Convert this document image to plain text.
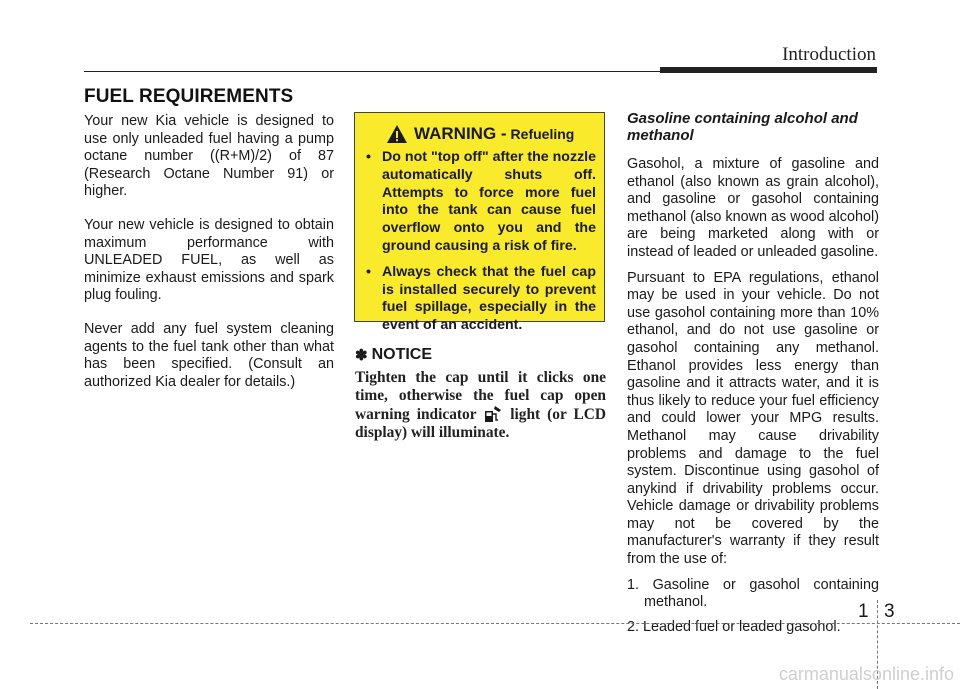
Introduction
FUEL REQUIREMENTS

Your new Kia vehicle is designed to use only unleaded fuel having a pump octane number ((R+M)/2) of 87 (Research Octane Number 91) or higher.

Your new vehicle is designed to obtain maximum performance with UNLEADED FUEL, as well as minimize exhaust emissions and spark plug fouling.

Never add any fuel system cleaning agents to the fuel tank other than what has been specified. (Consult an authorized Kia dealer for details.)

WARNING - Refueling
• Do not "top off" after the nozzle automatically shuts off. Attempts to force more fuel into the tank can cause fuel overflow onto you and the ground causing a risk of fire.
• Always check that the fuel cap is installed securely to prevent fuel spillage, especially in the event of an accident.
✽ NOTICE
Tighten the cap until it clicks one time, otherwise the fuel cap open warning indicator light (or LCD display) will illuminate.

Gasoline containing alcohol and methanol

Gasohol, a mixture of gasoline and ethanol (also known as grain alcohol), and gasoline or gasohol containing methanol (also known as wood alcohol) are being marketed along with or instead of leaded or unleaded gasoline.

Pursuant to EPA regulations, ethanol may be used in your vehicle. Do not use gasohol containing more than 10% ethanol, and do not use gasoline or gasohol containing any methanol. Ethanol provides less energy than gasoline and it attracts water, and it is thus likely to reduce your fuel efficiency and could lower your MPG results. Methanol may cause drivability problems and damage to the fuel system. Discontinue using gasohol of anykind if drivability problems occur. Vehicle damage or drivability problems may not be covered by the manufacturer's warranty if they result from the use of:

1. Gasoline or gasohol containing methanol.
2. Leaded fuel or leaded gasohol.
1 3
carmanualsonline.info
